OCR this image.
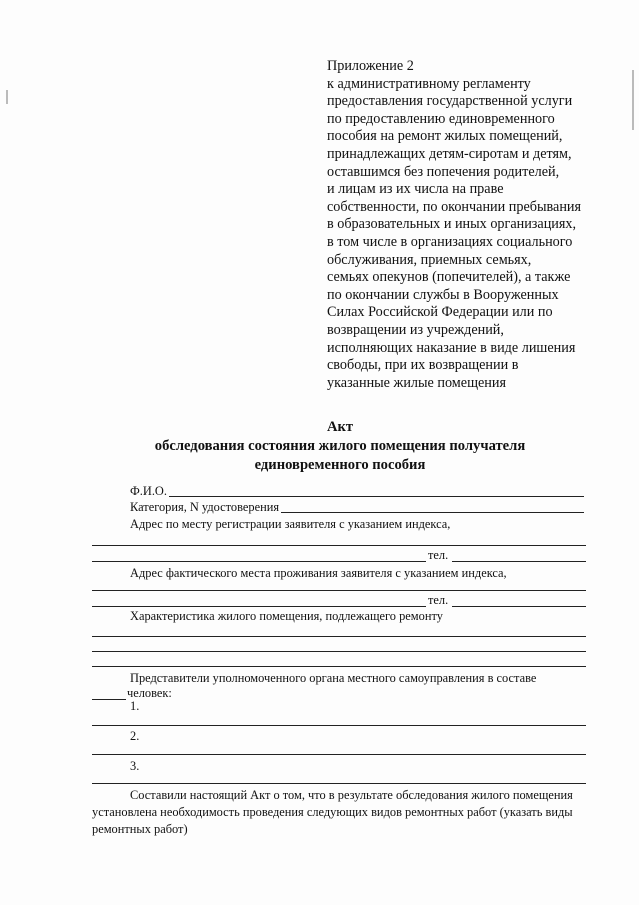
Приложение 2
к административному регламенту
предоставления государственной услуги
по предоставлению единовременного
пособия на ремонт жилых помещений,
принадлежащих детям-сиротам и детям,
оставшимся без попечения родителей,
и лицам из их числа на праве
собственности, по окончании пребывания
в образовательных и иных организациях,
в том числе в организациях социального
обслуживания, приемных семьях,
семьях опекунов (попечителей), а также
по окончании службы в Вооруженных
Силах Российской Федерации или по
возвращении из учреждений,
исполняющих наказание в виде лишения
свободы, при их возвращении в
указанные жилые помещения
Акт
обследования состояния жилого помещения получателя
единовременного пособия
Ф.И.О.
Категория, N удостоверения
Адрес по месту регистрации заявителя с указанием индекса,
тел.
Адрес фактического места проживания заявителя с указанием индекса,
тел.
Характеристика жилого помещения, подлежащего ремонту
Представители уполномоченного органа местного самоуправления в составе
человек:
1.
2.
3.
Составили настоящий Акт о том, что в результате обследования жилого помещения
установлена необходимость проведения следующих видов ремонтных работ (указать виды
ремонтных работ)
